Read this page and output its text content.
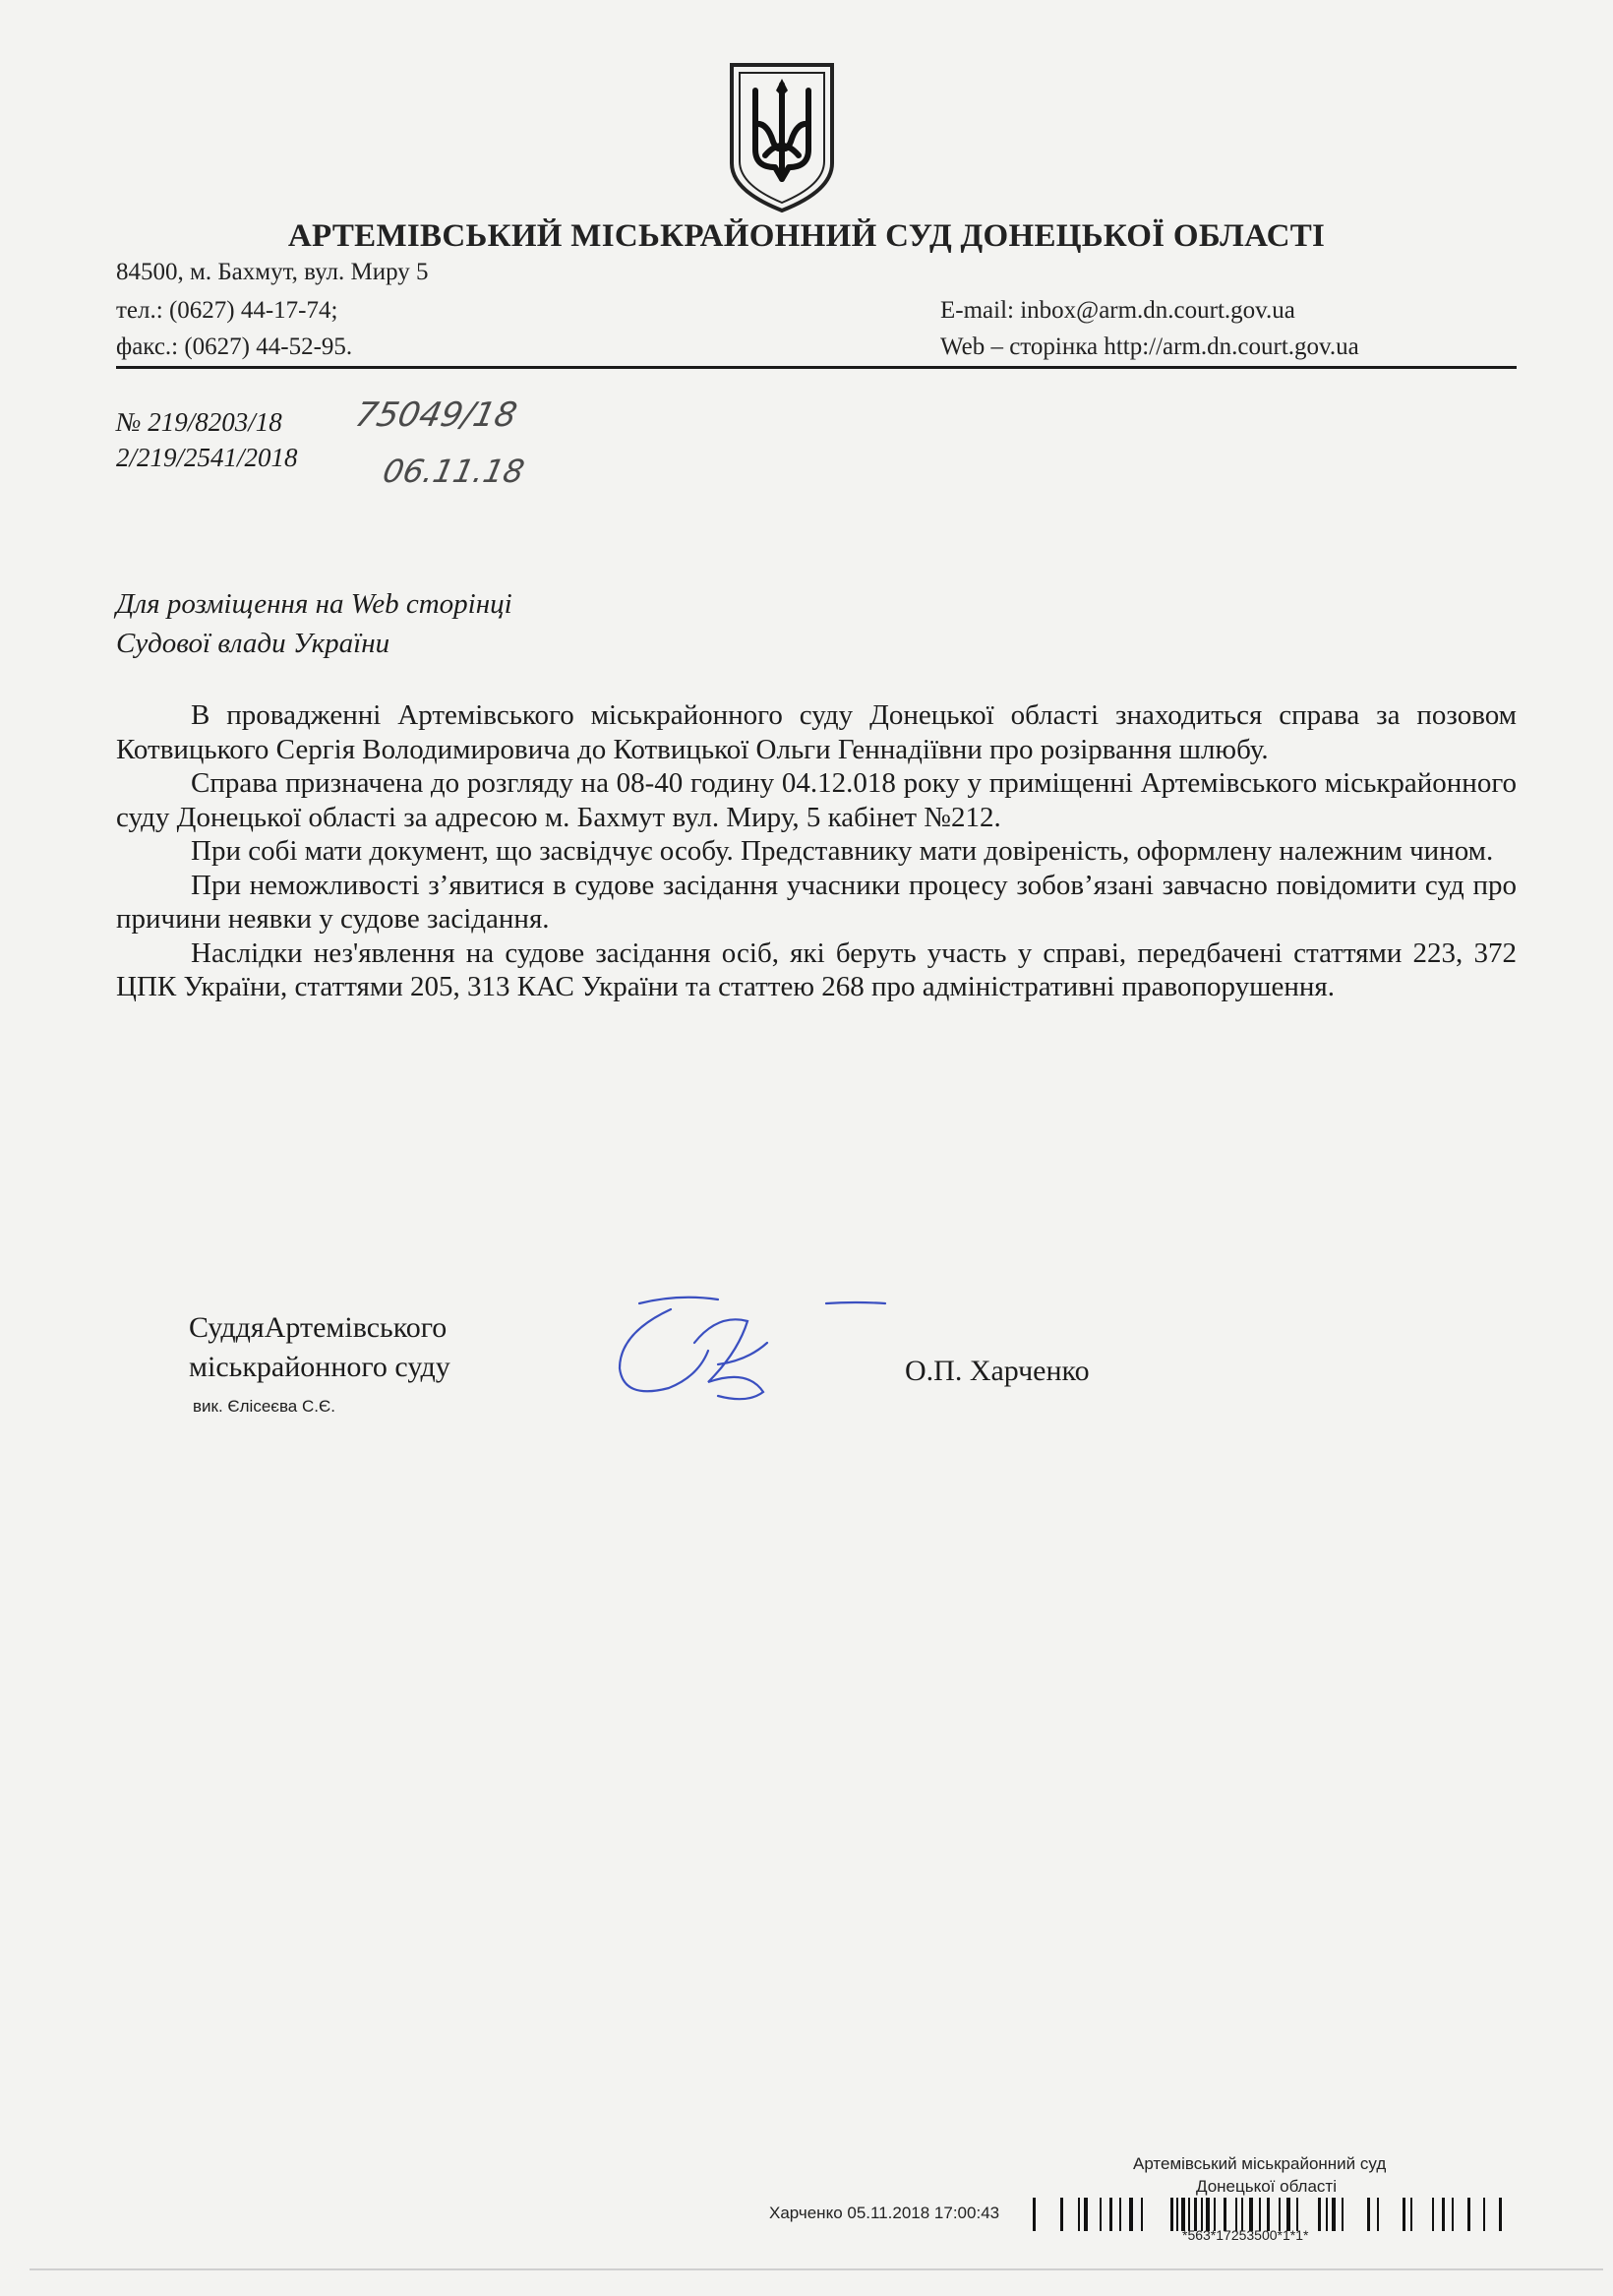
АРТЕМІВСЬКИЙ МІСЬКРАЙОННИЙ СУД ДОНЕЦЬКОЇ ОБЛАСТІ
84500, м. Бахмут, вул. Миру 5
тел.: (0627) 44-17-74;
факс.: (0627) 44-52-95.
E-mail: inbox@arm.dn.court.gov.ua
Web – сторінка http://arm.dn.court.gov.ua
№ 219/8203/18
2/219/2541/2018
75049/18
06.11.18
Для розміщення на Web сторінці
Судової влади України

В провадженні Артемівського міськрайонного суду Донецької області знаходиться справа за позовом Котвицького Сергія Володимировича до Котвицької Ольги Геннадіївни про розірвання шлюбу.

Справа призначена до розгляду на 08-40 годину 04.12.018 року у приміщенні Артемівського міськрайонного суду Донецької області за адресою м. Бахмут вул. Миру, 5 кабінет №212.

При собі мати документ, що засвідчує особу. Представнику мати довіреність, оформлену належним чином.

При неможливості з’явитися в судове засідання учасники процесу зобов’язані завчасно повідомити суд про причини неявки у судове засідання.

Наслідки нез'явлення на судове засідання осіб, які беруть участь у справі, передбачені статтями 223, 372 ЦПК України, статтями 205, 313 КАС України та статтею 268 про адміністративні правопорушення.

СуддяАртемівського
міськрайонного суду
вик. Єлісеєва С.Є.
О.П. Харченко
Артемівський міськрайонний суд
Донецької області
Харченко 05.11.2018 17:00:43
*563*17253500*1*1*
